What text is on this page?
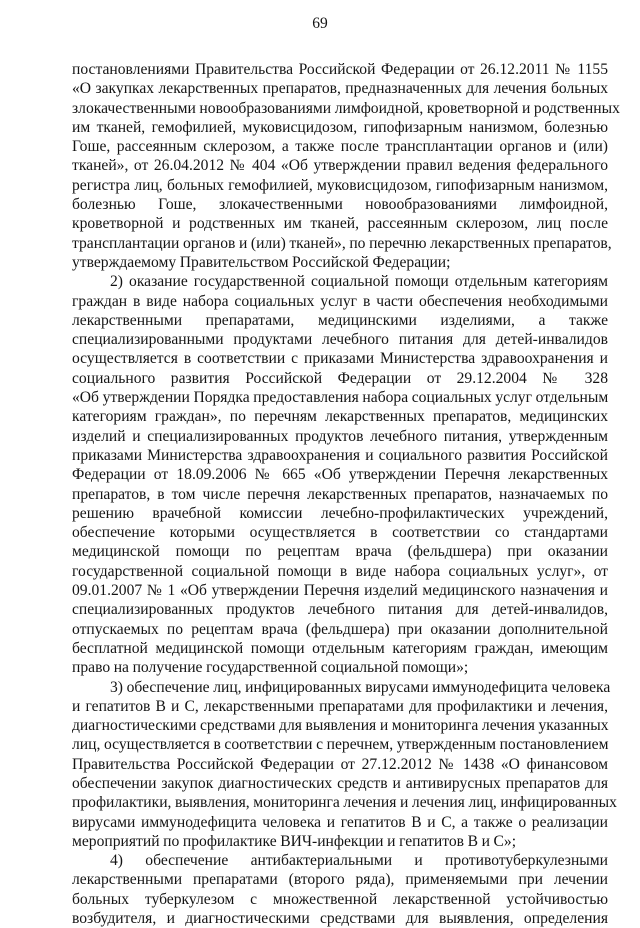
69
постановлениями Правительства Российской Федерации от 26.12.2011 № 1155
«О закупках лекарственных препаратов, предназначенных для лечения больных
злокачественными новообразованиями лимфоидной, кроветворной и родственных
им тканей, гемофилией, муковисцидозом, гипофизарным нанизмом, болезнью
Гоше, рассеянным склерозом, а также после трансплантации органов и (или)
тканей», от 26.04.2012 № 404 «Об утверждении правил ведения федерального
регистра лиц, больных гемофилией, муковисцидозом, гипофизарным нанизмом,
болезнью Гоше, злокачественными новообразованиями лимфоидной,
кроветворной и родственных им тканей, рассеянным склерозом, лиц после
трансплантации органов и (или) тканей», по перечню лекарственных препаратов,
утверждаемому Правительством Российской Федерации;
2) оказание государственной социальной помощи отдельным категориям
граждан в виде набора социальных услуг в части обеспечения необходимыми
лекарственными препаратами, медицинскими изделиями, а также
специализированными продуктами лечебного питания для детей-инвалидов
осуществляется в соответствии с приказами Министерства здравоохранения и
социального развития Российской Федерации от 29.12.2004 № 328
«Об утверждении Порядка предоставления набора социальных услуг отдельным
категориям граждан», по перечням лекарственных препаратов, медицинских
изделий и специализированных продуктов лечебного питания, утвержденным
приказами Министерства здравоохранения и социального развития Российской
Федерации от 18.09.2006 № 665 «Об утверждении Перечня лекарственных
препаратов, в том числе перечня лекарственных препаратов, назначаемых по
решению врачебной комиссии лечебно-профилактических учреждений,
обеспечение которыми осуществляется в соответствии со стандартами
медицинской помощи по рецептам врача (фельдшера) при оказании
государственной социальной помощи в виде набора социальных услуг», от
09.01.2007 № 1 «Об утверждении Перечня изделий медицинского назначения и
специализированных продуктов лечебного питания для детей-инвалидов,
отпускаемых по рецептам врача (фельдшера) при оказании дополнительной
бесплатной медицинской помощи отдельным категориям граждан, имеющим
право на получение государственной социальной помощи»;
3) обеспечение лиц, инфицированных вирусами иммунодефицита человека
и гепатитов В и С, лекарственными препаратами для профилактики и лечения,
диагностическими средствами для выявления и мониторинга лечения указанных
лиц, осуществляется в соответствии с перечнем, утвержденным постановлением
Правительства Российской Федерации от 27.12.2012 № 1438 «О финансовом
обеспечении закупок диагностических средств и антивирусных препаратов для
профилактики, выявления, мониторинга лечения и лечения лиц, инфицированных
вирусами иммунодефицита человека и гепатитов В и С, а также о реализации
мероприятий по профилактике ВИЧ-инфекции и гепатитов В и С»;
4) обеспечение антибактериальными и противотуберкулезными
лекарственными препаратами (второго ряда), применяемыми при лечении
больных туберкулезом с множественной лекарственной устойчивостью
возбудителя, и диагностическими средствами для выявления, определения
